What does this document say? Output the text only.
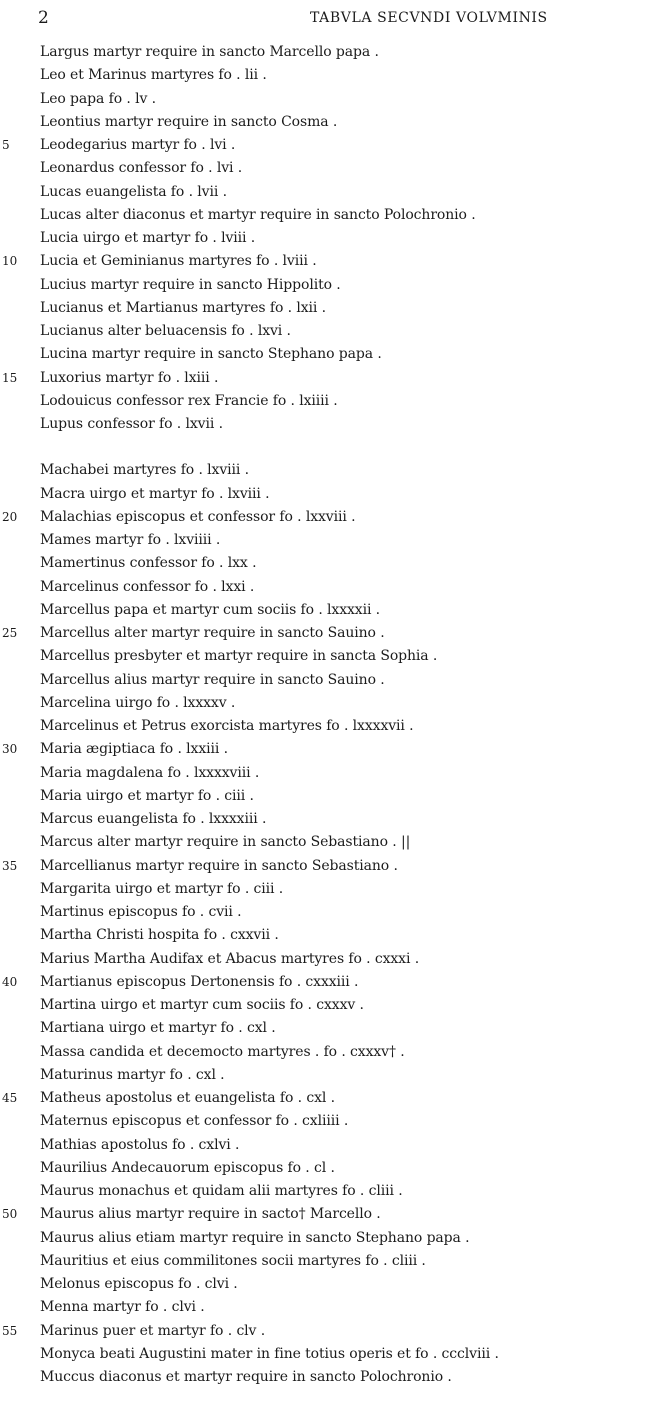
2	TABVLA SECVNDI VOLVMINIS
Largus martyr require in sancto Marcello papa .
Leo et Marinus martyres fo . lii .
Leo papa fo . lv .
Leontius martyr require in sancto Cosma .
5	Leodegarius martyr fo . lvi .
Leonardus confessor fo . lvi .
Lucas euangelista fo . lvii .
Lucas alter diaconus et martyr require in sancto Polochronio .
Lucia uirgo et martyr fo . lviii .
10	Lucia et Geminianus martyres fo . lviii .
Lucius martyr require in sancto Hippolito .
Lucianus et Martianus martyres fo . lxii .
Lucianus alter beluacensis fo . lxvi .
Lucina martyr require in sancto Stephano papa .
15	Luxorius martyr fo . lxiii .
Lodouicus confessor rex Francie fo . lxiiii .
Lupus confessor fo . lxvii .
Machabei martyres fo . lxviii .
Macra uirgo et martyr fo . lxviii .
20	Malachias episcopus et confessor fo . lxxviii .
Mames martyr fo . lxviiii .
Mamertinus confessor fo . lxx .
Marcelinus confessor fo . lxxi .
Marcellus papa et martyr cum sociis fo . lxxxxii .
25	Marcellus alter martyr require in sancto Sauino .
Marcellus presbyter et martyr require in sancta Sophia .
Marcellus alius martyr require in sancto Sauino .
Marcelina uirgo fo . lxxxxv .
Marcelinus et Petrus exorcista martyres fo . lxxxxvii .
30	Maria ægiptiaca fo . lxxiii .
Maria magdalena fo . lxxxxviii .
Maria uirgo et martyr fo . ciii .
Marcus euangelista fo . lxxxxiii .
Marcus alter martyr require in sancto Sebastiano . ||
35	Marcellianus martyr require in sancto Sebastiano .
Margarita uirgo et martyr fo . ciii .
Martinus episcopus fo . cvii .
Martha Christi hospita fo . cxxvii .
Marius Martha Audifax et Abacus martyres fo . cxxxi .
40	Martianus episcopus Dertonensis fo . cxxxiii .
Martina uirgo et martyr cum sociis fo . cxxxv .
Martiana uirgo et martyr fo . cxl .
Massa candida et decemocto martyres . fo . cxxxv† .
Maturinus martyr fo . cxl .
45	Matheus apostolus et euangelista fo . cxl .
Maternus episcopus et confessor fo . cxliiii .
Mathias apostolus fo . cxlvi .
Maurilius Andecauorum episcopus fo . cl .
Maurus monachus et quidam alii martyres fo . cliii .
50	Maurus alius martyr require in sacto† Marcello .
Maurus alius etiam martyr require in sancto Stephano papa .
Mauritius et eius commilitones socii martyres fo . cliii .
Melonus episcopus fo . clvi .
Menna martyr fo . clvi .
55	Marinus puer et martyr fo . clv .
Monyca beati Augustini mater in fine totius operis et fo . ccclviii .
Muccus diaconus et martyr require in sancto Polochronio .
